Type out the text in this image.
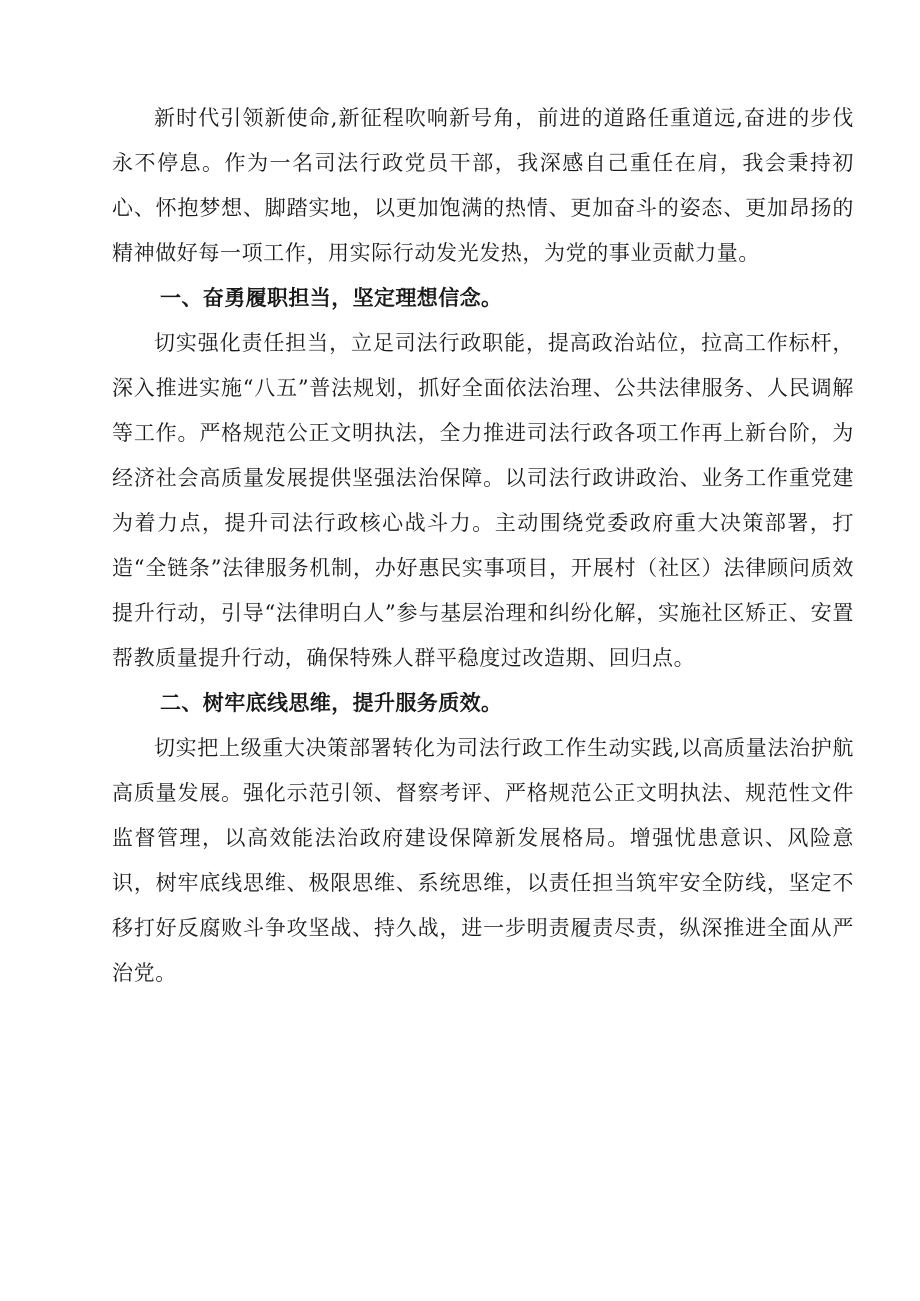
新时代引领新使命,新征程吹响新号角，前进的道路任重道远,奋进的步伐永不停息。作为一名司法行政党员干部，我深感自己重任在肩，我会秉持初心、怀抱梦想、脚踏实地，以更加饱满的热情、更加奋斗的姿态、更加昂扬的精神做好每一项工作，用实际行动发光发热，为党的事业贡献力量。

一、奋勇履职担当，坚定理想信念。

切实强化责任担当，立足司法行政职能，提高政治站位，拉高工作标杆，深入推进实施“八五”普法规划，抓好全面依法治理、公共法律服务、人民调解等工作。严格规范公正文明执法，全力推进司法行政各项工作再上新台阶，为经济社会高质量发展提供坚强法治保障。以司法行政讲政治、业务工作重党建为着力点，提升司法行政核心战斗力。主动围绕党委政府重大决策部署，打造“全链条”法律服务机制，办好惠民实事项目，开展村（社区）法律顾问质效提升行动，引导“法律明白人”参与基层治理和纠纷化解，实施社区矫正、安置帮教质量提升行动，确保特殊人群平稳度过改造期、回归点。

二、树牢底线思维，提升服务质效。

切实把上级重大决策部署转化为司法行政工作生动实践,以高质量法治护航高质量发展。强化示范引领、督察考评、严格规范公正文明执法、规范性文件监督管理，以高效能法治政府建设保障新发展格局。增强忧患意识、风险意识，树牢底线思维、极限思维、系统思维，以责任担当筑牢安全防线，坚定不移打好反腐败斗争攻坚战、持久战，进一步明责履责尽责，纵深推进全面从严治党。
